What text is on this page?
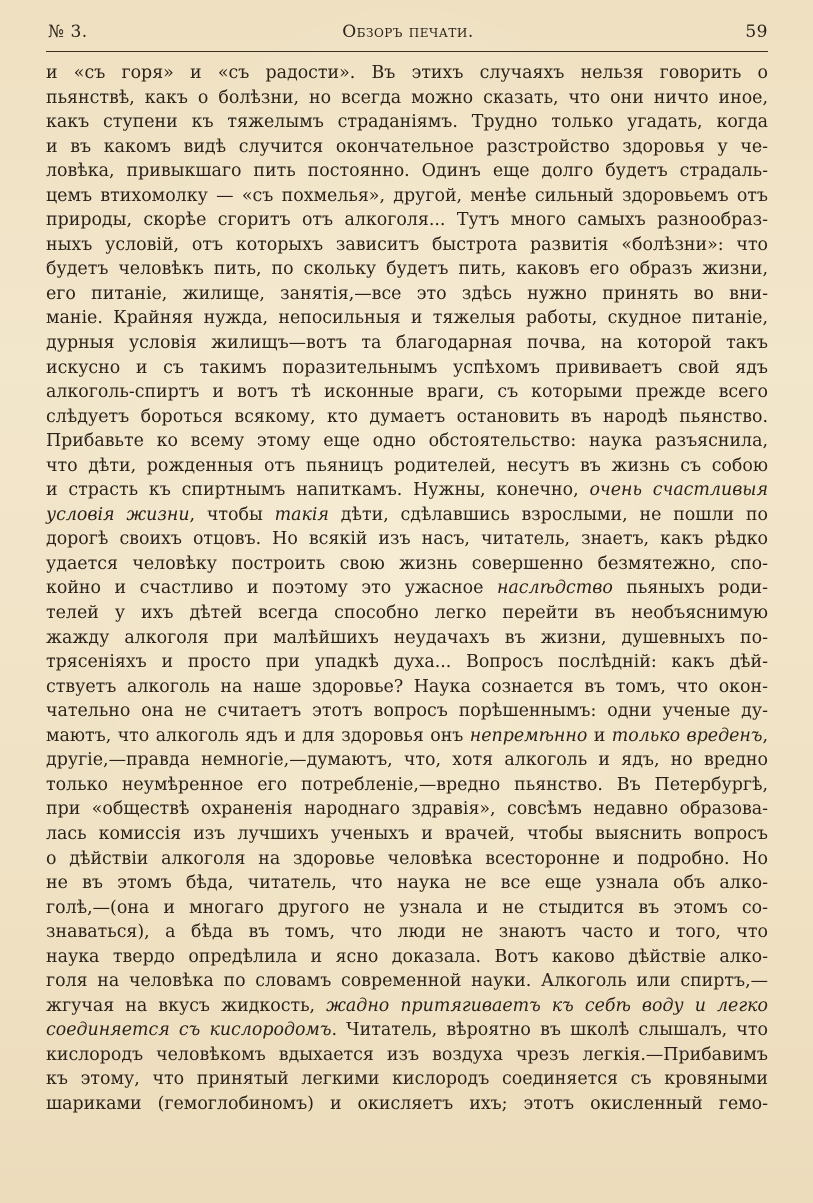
№ 3.	Обзоръ печати.	59
и «съ горя» и «съ радости». Въ этихъ случаяхъ нельзя говорить о
пьянствѣ, какъ о болѣзни, но всегда можно сказать, что они ничто иное,
какъ ступени къ тяжелымъ страданіямъ. Трудно только угадать, когда
и въ какомъ видѣ случится окончательное разстройство здоровья у че-
ловѣка, привыкшаго пить постоянно. Одинъ еще долго будетъ страдаль-
цемъ втихомолку — «съ похмелья», другой, менѣе сильный здоровьемъ отъ
природы, скорѣе сгоритъ отъ алкоголя... Тутъ много самыхъ разнообраз-
ныхъ условій, отъ которыхъ зависитъ быстрота развитія «болѣзни»: что
будетъ человѣкъ пить, по скольку будетъ пить, каковъ его образъ жизни,
его питаніе, жилище, занятія,—все это здѣсь нужно принять во вни-
маніе. Крайняя нужда, непосильныя и тяжелыя работы, скудное питаніе,
дурныя условія жилищъ—вотъ та благодарная почва, на которой такъ
искусно и съ такимъ поразительнымъ успѣхомъ прививаетъ свой ядъ
алкоголь-спиртъ и вотъ тѣ исконные враги, съ которыми прежде всего
слѣдуетъ бороться всякому, кто думаетъ остановить въ народѣ пьянство.
Прибавьте ко всему этому еще одно обстоятельство: наука разъяснила,
что дѣти, рожденныя отъ пьяницъ родителей, несутъ въ жизнь съ собою
и страсть къ спиртнымъ напиткамъ. Нужны, конечно, очень счастливыя
условія жизни, чтобы такія дѣти, сдѣлавшись взрослыми, не пошли по
дорогѣ своихъ отцовъ. Но всякій изъ насъ, читатель, знаетъ, какъ рѣдко
удается человѣку построить свою жизнь совершенно безмятежно, спо-
койно и счастливо и поэтому это ужасное наслѣдство пьяныхъ роди-
телей у ихъ дѣтей всегда способно легко перейти въ необъяснимую
жажду алкоголя при малѣйшихъ неудачахъ въ жизни, душевныхъ по-
трясеніяхъ и просто при упадкѣ духа... Вопросъ послѣдній: какъ дѣй-
ствуетъ алкоголь на наше здоровье? Наука сознается въ томъ, что окон-
чательно она не считаетъ этотъ вопросъ порѣшеннымъ: одни ученые ду-
маютъ, что алкоголь ядъ и для здоровья онъ непремѣнно и только вреденъ,
другіе,—правда немногіе,—думаютъ, что, хотя алкоголь и ядъ, но вредно
только неумѣренное его потребленіе,—вредно пьянство. Въ Петербургѣ,
при «обществѣ охраненія народнаго здравія», совсѣмъ недавно образова-
лась комиссія изъ лучшихъ ученыхъ и врачей, чтобы выяснить вопросъ
о дѣйствіи алкоголя на здоровье человѣка всесторонне и подробно. Но
не въ этомъ бѣда, читатель, что наука не все еще узнала объ алко-
голѣ,—(она и многаго другого не узнала и не стыдится въ этомъ со-
знаваться), а бѣда въ томъ, что люди не знаютъ часто и того, что
наука твердо опредѣлила и ясно доказала. Вотъ каково дѣйствіе алко-
голя на человѣка по словамъ современной науки. Алкоголь или спиртъ,—
жгучая на вкусъ жидкость, жадно притягиваетъ къ себѣ воду и легко
соединяется съ кислородомъ. Читатель, вѣроятно въ школѣ слышалъ, что
кислородъ человѣкомъ вдыхается изъ воздуха чрезъ легкія.—Прибавимъ
къ этому, что принятый легкими кислородъ соединяется съ кровяными
шариками (гемоглобиномъ) и окисляетъ ихъ; этотъ окисленный гемо-
